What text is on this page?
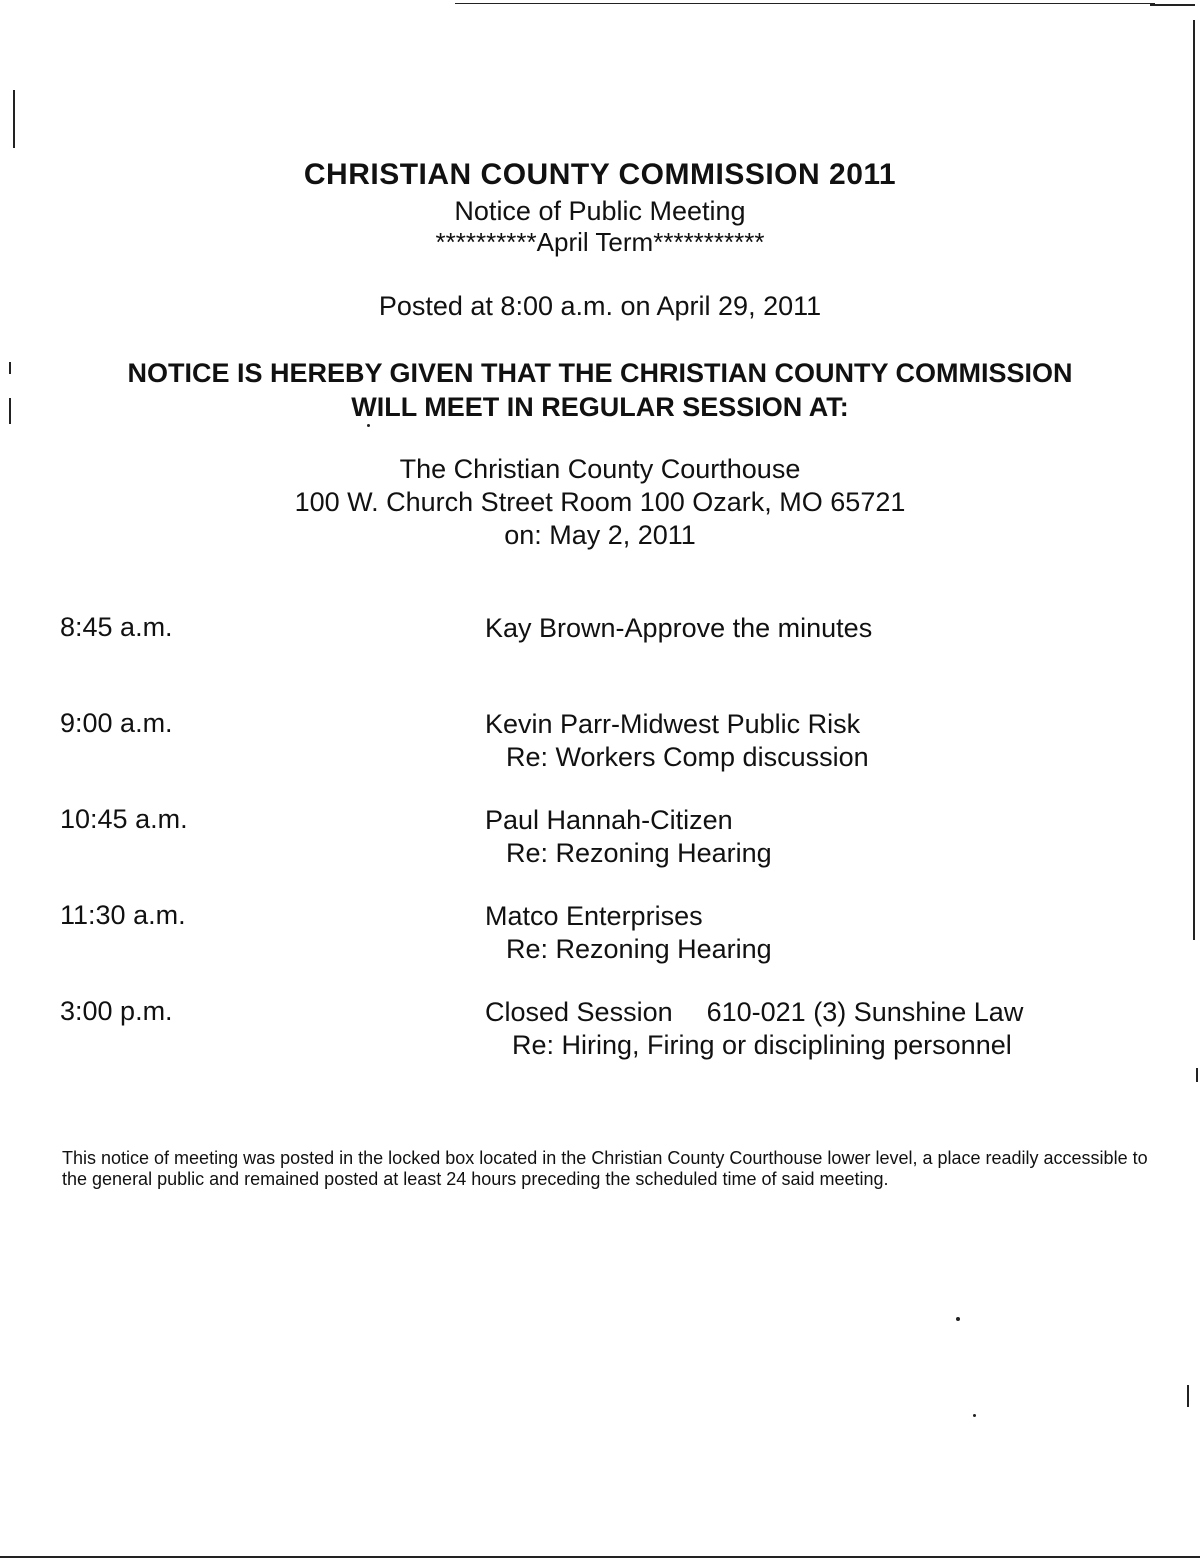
CHRISTIAN COUNTY COMMISSION 2011
Notice of Public Meeting
**********April Term***********
Posted at 8:00 a.m. on April 29, 2011
NOTICE IS HEREBY GIVEN THAT THE CHRISTIAN COUNTY COMMISSION
WILL MEET IN REGULAR SESSION AT:
The Christian County Courthouse
100 W. Church Street Room 100 Ozark, MO 65721
on: May 2, 2011
8:45 a.m.	Kay Brown-Approve the minutes
9:00 a.m.	Kevin Parr-Midwest Public Risk
Re: Workers Comp discussion
10:45 a.m.	Paul Hannah-Citizen
Re: Rezoning Hearing
11:30 a.m.	Matco Enterprises
Re: Rezoning Hearing
3:00 p.m.	Closed Session 610-021 (3) Sunshine Law
Re: Hiring, Firing or disciplining personnel
This notice of meeting was posted in the locked box located in the Christian County Courthouse lower level, a place readily accessible to the general public and remained posted at least 24 hours preceding the scheduled time of said meeting.
